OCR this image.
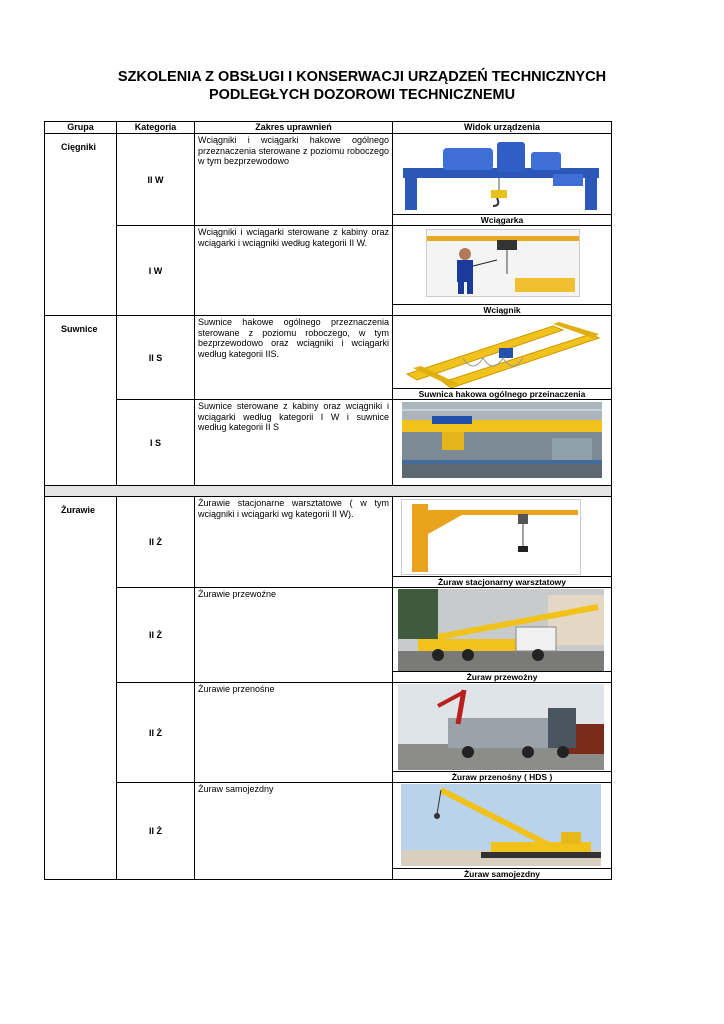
SZKOLENIA Z OBSŁUGI I KONSERWACJI URZĄDZEŃ TECHNICZNYCH
PODLEGŁYCH DOZOROWI TECHNICZNEMU
Grupa	Kategoria	Zakres uprawnień	Widok urządzenia
Cięgniki	II W	Wciągniki i wciągarki hakowe ogólnego przeznaczenia sterowane z poziomu roboczego w tym bezprzewodowo	Wciągarka

	I W	Wciągniki i wciągarki sterowane z kabiny oraz wciągarki i wciągniki według kategorii II W.	Wciągnik

Suwnice	II S	Suwnice hakowe ogólnego przeznaczenia sterowane z poziomu roboczego, w tym bezprzewodowo oraz wciągniki i wciągarki według kategorii IIS.	Suwnica hakowa ogólnego przeinaczenia

	I S	Suwnice sterowane z kabiny oraz wciągniki i wciągarki według kategorii I W i suwnice według kategorii II S	

Żurawie	II Ż	Żurawie stacjonarne warsztatowe ( w tym wciągniki i wciągarki wg kategorii II W).	Żuraw stacjonarny warsztatowy

	II Ż	Żurawie przewoźne	Żuraw przewoźny

	II Ż	Żurawie przenośne	Żuraw przenośny ( HDS )

	II Ż	Żuraw samojezdny	Żuraw samojezdny
